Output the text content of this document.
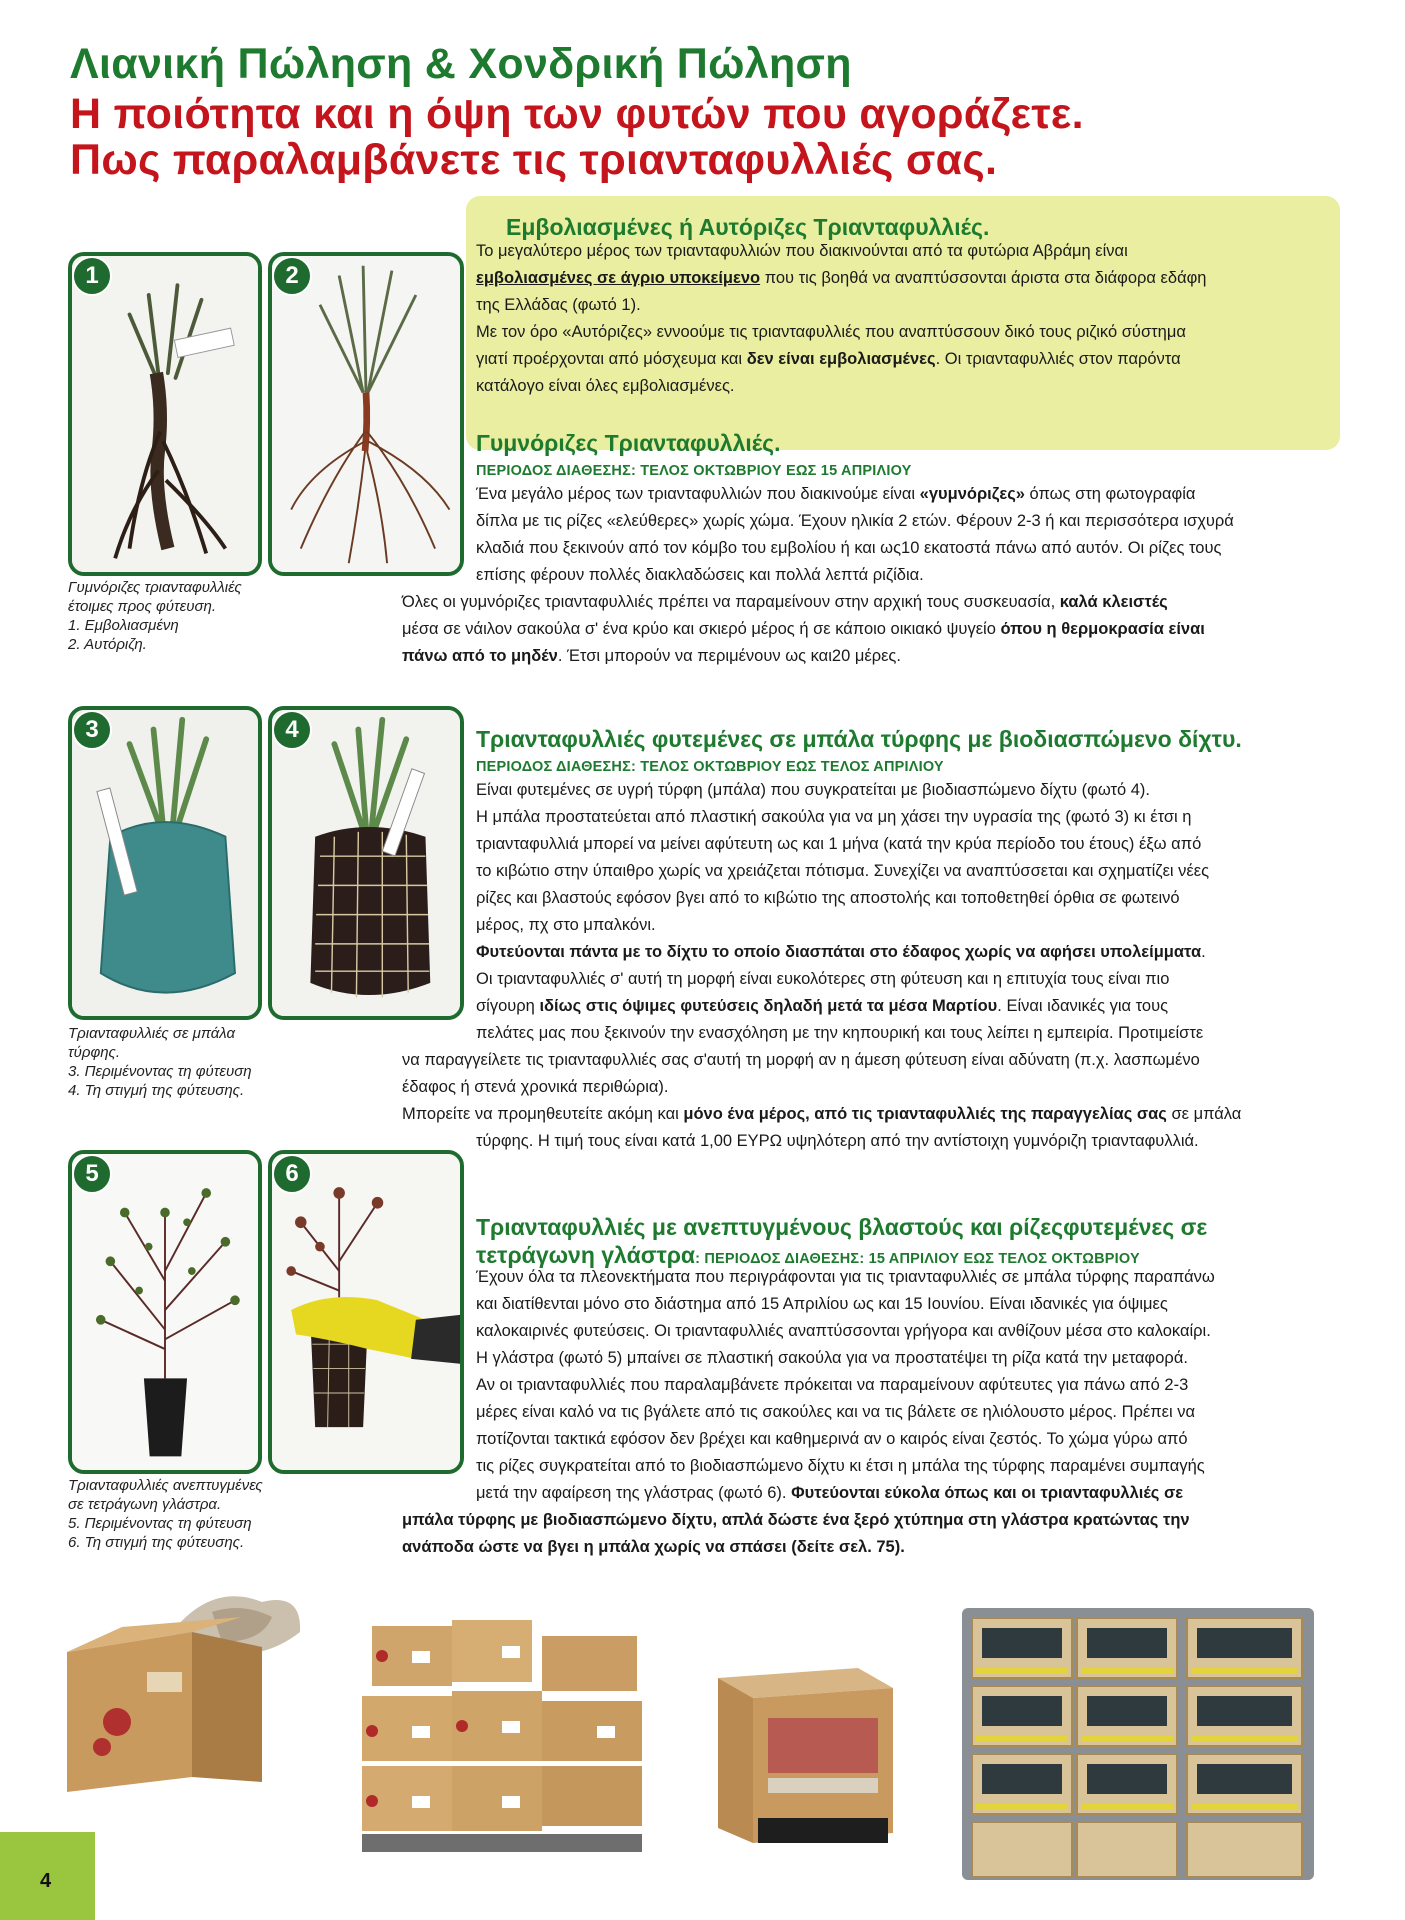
Λιανική Πώληση & Χονδρική Πώληση
Η ποιότητα και η όψη των φυτών που αγοράζετε.
Πως παραλαμβάνετε τις τριανταφυλλιές σας.
1	2
Γυμνόριζες τριανταφυλλιές
έτοιμες προς φύτευση.
1. Εμβολιασμένη
2. Αυτόριζη.
3	4
Τριανταφυλλιές σε μπάλα
τύρφης.
3. Περιμένοντας τη φύτευση
4. Τη στιγμή της φύτευσης.
5	6
Τριανταφυλλιές ανεπτυγμένες
σε τετράγωνη γλάστρα.
5. Περιμένοντας τη φύτευση
6. Τη στιγμή της φύτευσης.
Εμβολιασμένες ή Αυτόριζες Τριανταφυλλιές.
Το μεγαλύτερο μέρος των τριανταφυλλιών που διακινούνται από τα φυτώρια Αβράμη είναι
εμβολιασμένες σε άγριο υποκείμενο που τις βοηθά να αναπτύσσονται άριστα στα διάφορα εδάφη
της Ελλάδας (φωτό 1).
Με τον όρο «Αυτόριζες» εννοούμε τις τριανταφυλλιές που αναπτύσσουν δικό τους ριζικό σύστημα
γιατί προέρχονται από μόσχευμα και δεν είναι εμβολιασμένες. Οι τριανταφυλλιές στον παρόντα
κατάλογο είναι όλες εμβολιασμένες.
Γυμνόριζες Τριανταφυλλιές.
ΠΕΡΙΟΔΟΣ ΔΙΑΘΕΣΗΣ: ΤΕΛΟΣ ΟΚΤΩΒΡΙΟΥ ΕΩΣ 15 ΑΠΡΙΛΙΟΥ
Ένα μεγάλο μέρος των τριανταφυλλιών που διακινούμε είναι «γυμνόριζες» όπως στη φωτογραφία
δίπλα με τις ρίζες «ελεύθερες» χωρίς χώμα. Έχουν ηλικία 2 ετών. Φέρουν 2-3 ή και περισσότερα ισχυρά
κλαδιά που ξεκινούν από τον κόμβο του εμβολίου ή και ως10 εκατοστά πάνω από αυτόν. Οι ρίζες τους
επίσης φέρουν πολλές διακλαδώσεις και πολλά λεπτά ριζίδια.
Όλες οι γυμνόριζες τριανταφυλλιές πρέπει να παραμείνουν στην αρχική τους συσκευασία, καλά κλειστές
μέσα σε νάιλον σακούλα σ' ένα κρύο και σκιερό μέρος ή σε κάποιο οικιακό ψυγείο όπου η θερμοκρασία είναι
πάνω από το μηδέν. Έτσι μπορούν να περιμένουν ως και20 μέρες.
Τριανταφυλλιές φυτεμένες σε μπάλα τύρφης με βιοδιασπώμενο δίχτυ.
ΠΕΡΙΟΔΟΣ ΔΙΑΘΕΣΗΣ: ΤΕΛΟΣ ΟΚΤΩΒΡΙΟΥ ΕΩΣ ΤΕΛΟΣ ΑΠΡΙΛΙΟΥ
Είναι φυτεμένες σε υγρή τύρφη (μπάλα) που συγκρατείται με βιοδιασπώμενο δίχτυ (φωτό 4).
Η μπάλα προστατεύεται από πλαστική σακούλα για να μη χάσει την υγρασία της (φωτό 3) κι έτσι η
τριανταφυλλιά μπορεί να μείνει αφύτευτη ως και 1 μήνα (κατά την κρύα περίοδο του έτους) έξω από
το κιβώτιο στην ύπαιθρο χωρίς να χρειάζεται πότισμα. Συνεχίζει να αναπτύσσεται και σχηματίζει νέες
ρίζες και βλαστούς εφόσον βγει από το κιβώτιο της αποστολής και τοποθετηθεί όρθια σε φωτεινό
μέρος, πχ στο μπαλκόνι.
Φυτεύονται πάντα με το δίχτυ το οποίο διασπάται στο έδαφος χωρίς να αφήσει υπολείμματα.
Οι τριανταφυλλιές σ' αυτή τη μορφή είναι ευκολότερες στη φύτευση και η επιτυχία τους είναι πιο
σίγουρη ιδίως στις όψιμες φυτεύσεις δηλαδή μετά τα μέσα Μαρτίου. Είναι ιδανικές για τους
πελάτες μας που ξεκινούν την ενασχόληση με την κηπουρική και τους λείπει η εμπειρία. Προτιμείστε
να παραγγείλετε τις τριανταφυλλιές σας σ'αυτή τη μορφή αν η άμεση φύτευση είναι αδύνατη (π.χ. λασπωμένο
έδαφος ή στενά χρονικά περιθώρια).
Μπορείτε να προμηθευτείτε ακόμη και μόνο ένα μέρος, από τις τριανταφυλλιές της παραγγελίας σας σε μπάλα
τύρφης. Η τιμή τους είναι κατά 1,00 ΕΥΡΩ υψηλότερη από την αντίστοιχη γυμνόριζη τριανταφυλλιά.
Τριανταφυλλιές με ανεπτυγμένους βλαστούς και ρίζεςφυτεμένες σε
τετράγωνη γλάστρα: ΠΕΡΙΟΔΟΣ ΔΙΑΘΕΣΗΣ: 15 ΑΠΡΙΛΙΟΥ ΕΩΣ ΤΕΛΟΣ ΟΚΤΩΒΡΙΟΥ
Έχουν όλα τα πλεονεκτήματα που περιγράφονται για τις τριανταφυλλιές σε μπάλα τύρφης παραπάνω
και διατίθενται μόνο στο διάστημα από 15 Απριλίου ως και 15 Ιουνίου. Είναι ιδανικές για όψιμες
καλοκαιρινές φυτεύσεις. Οι τριανταφυλλιές αναπτύσσονται γρήγορα και ανθίζουν μέσα στο καλοκαίρι.
Η γλάστρα (φωτό 5) μπαίνει σε πλαστική σακούλα για να προστατέψει τη ρίζα κατά την μεταφορά.
Αν οι τριανταφυλλιές που παραλαμβάνετε πρόκειται να παραμείνουν αφύτευτες για πάνω από 2-3
μέρες είναι καλό να τις βγάλετε από τις σακούλες και να τις βάλετε σε ηλιόλουστο μέρος. Πρέπει να
ποτίζονται τακτικά εφόσον δεν βρέχει και καθημερινά αν ο καιρός είναι ζεστός. Το χώμα γύρω από
τις ρίζες συγκρατείται από το βιοδιασπώμενο δίχτυ κι έτσι η μπάλα της τύρφης παραμένει συμπαγής
μετά την αφαίρεση της γλάστρας (φωτό 6). Φυτεύονται εύκολα όπως και οι τριανταφυλλιές σε
μπάλα τύρφης με βιοδιασπώμενο δίχτυ, απλά δώστε ένα ξερό χτύπημα στη γλάστρα κρατώντας την
ανάποδα ώστε να βγει η μπάλα χωρίς να σπάσει (δείτε σελ. 75).
4
